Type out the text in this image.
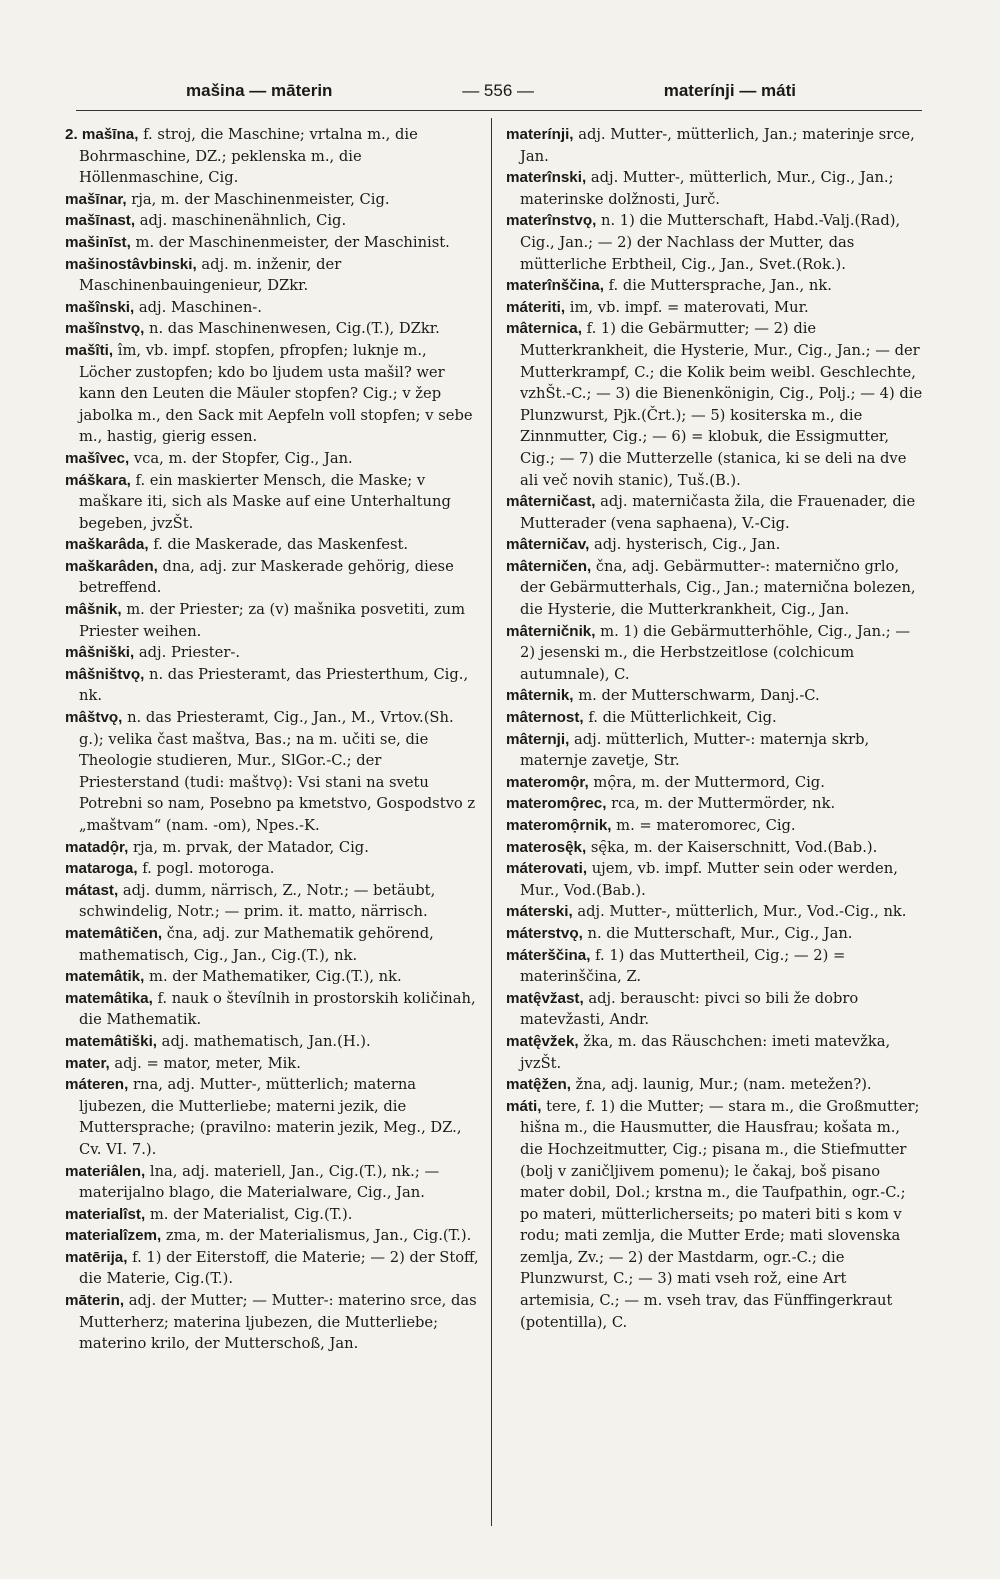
mašina — māterin	— 556 —	materínji — máti

2. mašīna, f. stroj, die Maschine; vrtalna m., die Bohrmaschine, DZ.; peklenska m., die Höllenmaschine, Cig.

mašīnar, rja, m. der Maschinenmeister, Cig.

mašīnast, adj. maschinenähnlich, Cig.

mašinīst, m. der Maschinenmeister, der Maschinist.

mašinostâvbinski, adj. m. inženir, der Maschinenbauingenieur, DZkr.

mašînski, adj. Maschinen-.

mašînstvǫ, n. das Maschinenwesen, Cig.(T.), DZkr.

mašîti, îm, vb. impf. stopfen, pfropfen; luknje m., Löcher zustopfen; kdo bo ljudem usta mašil? wer kann den Leuten die Mäuler stopfen? Cig.; v žep jabolka m., den Sack mit Aepfeln voll stopfen; v sebe m., hastig, gierig essen.

mašîvec, vca, m. der Stopfer, Cig., Jan.

máškara, f. ein maskierter Mensch, die Maske; v maškare iti, sich als Maske auf eine Unterhaltung begeben, jvzŠt.

maškarâda, f. die Maskerade, das Maskenfest.

maškarâden, dna, adj. zur Maskerade gehörig, diese betreffend.

mâšnik, m. der Priester; za (v) mašnika posvetiti, zum Priester weihen.

mâšniški, adj. Priester-.

mâšništvǫ, n. das Priesteramt, das Priesterthum, Cig., nk.

mâštvǫ, n. das Priesteramt, Cig., Jan., M., Vrtov.(Sh. g.); velika čast maštva, Bas.; na m. učiti se, die Theologie studieren, Mur., SlGor.-C.; der Priesterstand (tudi: maštvǫ): Vsi stani na svetu Potrebni so nam, Posebno pa kmetstvo, Gospodstvo z „maštvam“ (nam. -om), Npes.-K.

matadọ̑r, rja, m. prvak, der Matador, Cig.

mataroga, f. pogl. motoroga.

mátast, adj. dumm, närrisch, Z., Notr.; — betäubt, schwindelig, Notr.; — prim. it. matto, närrisch.

matemâtičen, čna, adj. zur Mathematik gehörend, mathematisch, Cig., Jan., Cig.(T.), nk.

matemâtik, m. der Mathematiker, Cig.(T.), nk.

matemâtika, f. nauk o števílnih in prostorskih količinah, die Mathematik.

matemâtiški, adj. mathematisch, Jan.(H.).

mater, adj. = mator, meter, Mik.

máteren, rna, adj. Mutter-, mütterlich; materna ljubezen, die Mutterliebe; materni jezik, die Muttersprache; (pravilno: materin jezik, Meg., DZ., Cv. VI. 7.).

materiâlen, lna, adj. materiell, Jan., Cig.(T.), nk.; — materijalno blago, die Materialware, Cig., Jan.

materialîst, m. der Materialist, Cig.(T.).

materialîzem, zma, m. der Materialismus, Jan., Cig.(T.).

matērija, f. 1) der Eiterstoff, die Materie; — 2) der Stoff, die Materie, Cig.(T.).

māterin, adj. der Mutter; — Mutter-: materino srce, das Mutterherz; materina ljubezen, die Mutterliebe; materino krilo, der Mutterschoß, Jan.

materínji, adj. Mutter-, mütterlich, Jan.; materinje srce, Jan.

materînski, adj. Mutter-, mütterlich, Mur., Cig., Jan.; materinske dolžnosti, Jurč.

materînstvǫ, n. 1) die Mutterschaft, Habd.-Valj.(Rad), Cig., Jan.; — 2) der Nachlass der Mutter, das mütterliche Erbtheil, Cig., Jan., Svet.(Rok.).

materînščina, f. die Muttersprache, Jan., nk.

máteriti, im, vb. impf. = materovati, Mur.

mâternica, f. 1) die Gebärmutter; — 2) die Mutterkrankheit, die Hysterie, Mur., Cig., Jan.; — der Mutterkrampf, C.; die Kolik beim weibl. Geschlechte, vzhŠt.-C.; — 3) die Bienenkönigin, Cig., Polj.; — 4) die Plunzwurst, Pjk.(Črt.); — 5) kositerska m., die Zinnmutter, Cig.; — 6) = klobuk, die Essigmutter, Cig.; — 7) die Mutterzelle (stanica, ki se deli na dve ali več novih stanic), Tuš.(B.).

mâterničast, adj. materničasta žila, die Frauenader, die Mutterader (vena saphaena), V.-Cig.

mâterničav, adj. hysterisch, Cig., Jan.

mâterničen, čna, adj. Gebärmutter-: maternično grlo, der Gebärmutterhals, Cig., Jan.; maternična bolezen, die Hysterie, die Mutterkrankheit, Cig., Jan.

mâterničnik, m. 1) die Gebärmutterhöhle, Cig., Jan.; — 2) jesenski m., die Herbstzeitlose (colchicum autumnale), C.

mâternik, m. der Mutterschwarm, Danj.-C.

mâternost, f. die Mütterlichkeit, Cig.

mâternji, adj. mütterlich, Mutter-: maternja skrb, maternje zavetje, Str.

materomọ̑r, mọ̑ra, m. der Muttermord, Cig.

materomọ̑rec, rca, m. der Muttermörder, nk.

materomọ̑rnik, m. = materomorec, Cig.

materosę̑k, sę̑ka, m. der Kaiserschnitt, Vod.(Bab.).

máterovati, ujem, vb. impf. Mutter sein oder werden, Mur., Vod.(Bab.).

máterski, adj. Mutter-, mütterlich, Mur., Vod.-Cig., nk.

máterstvǫ, n. die Mutterschaft, Mur., Cig., Jan.

máterščina, f. 1) das Muttertheil, Cig.; — 2) = materinščina, Z.

matę̑vžast, adj. berauscht: pivci so bili že dobro matevžasti, Andr.

matę̑vžek, žka, m. das Räuschchen: imeti matevžka, jvzŠt.

matę̑žen, žna, adj. launig, Mur.; (nam. metežen?).

máti, tere, f. 1) die Mutter; — stara m., die Großmutter; hišna m., die Hausmutter, die Hausfrau; košata m., die Hochzeitmutter, Cig.; pisana m., die Stiefmutter (bolj v zaničljivem pomenu); le čakaj, boš pisano mater dobil, Dol.; krstna m., die Taufpathin, ogr.-C.; po materi, mütterlicherseits; po materi biti s kom v rodu; mati zemlja, die Mutter Erde; mati slovenska zemlja, Zv.; — 2) der Mastdarm, ogr.-C.; die Plunzwurst, C.; — 3) mati vseh rož, eine Art artemisia, C.; — m. vseh trav, das Fünffingerkraut (potentilla), C.
